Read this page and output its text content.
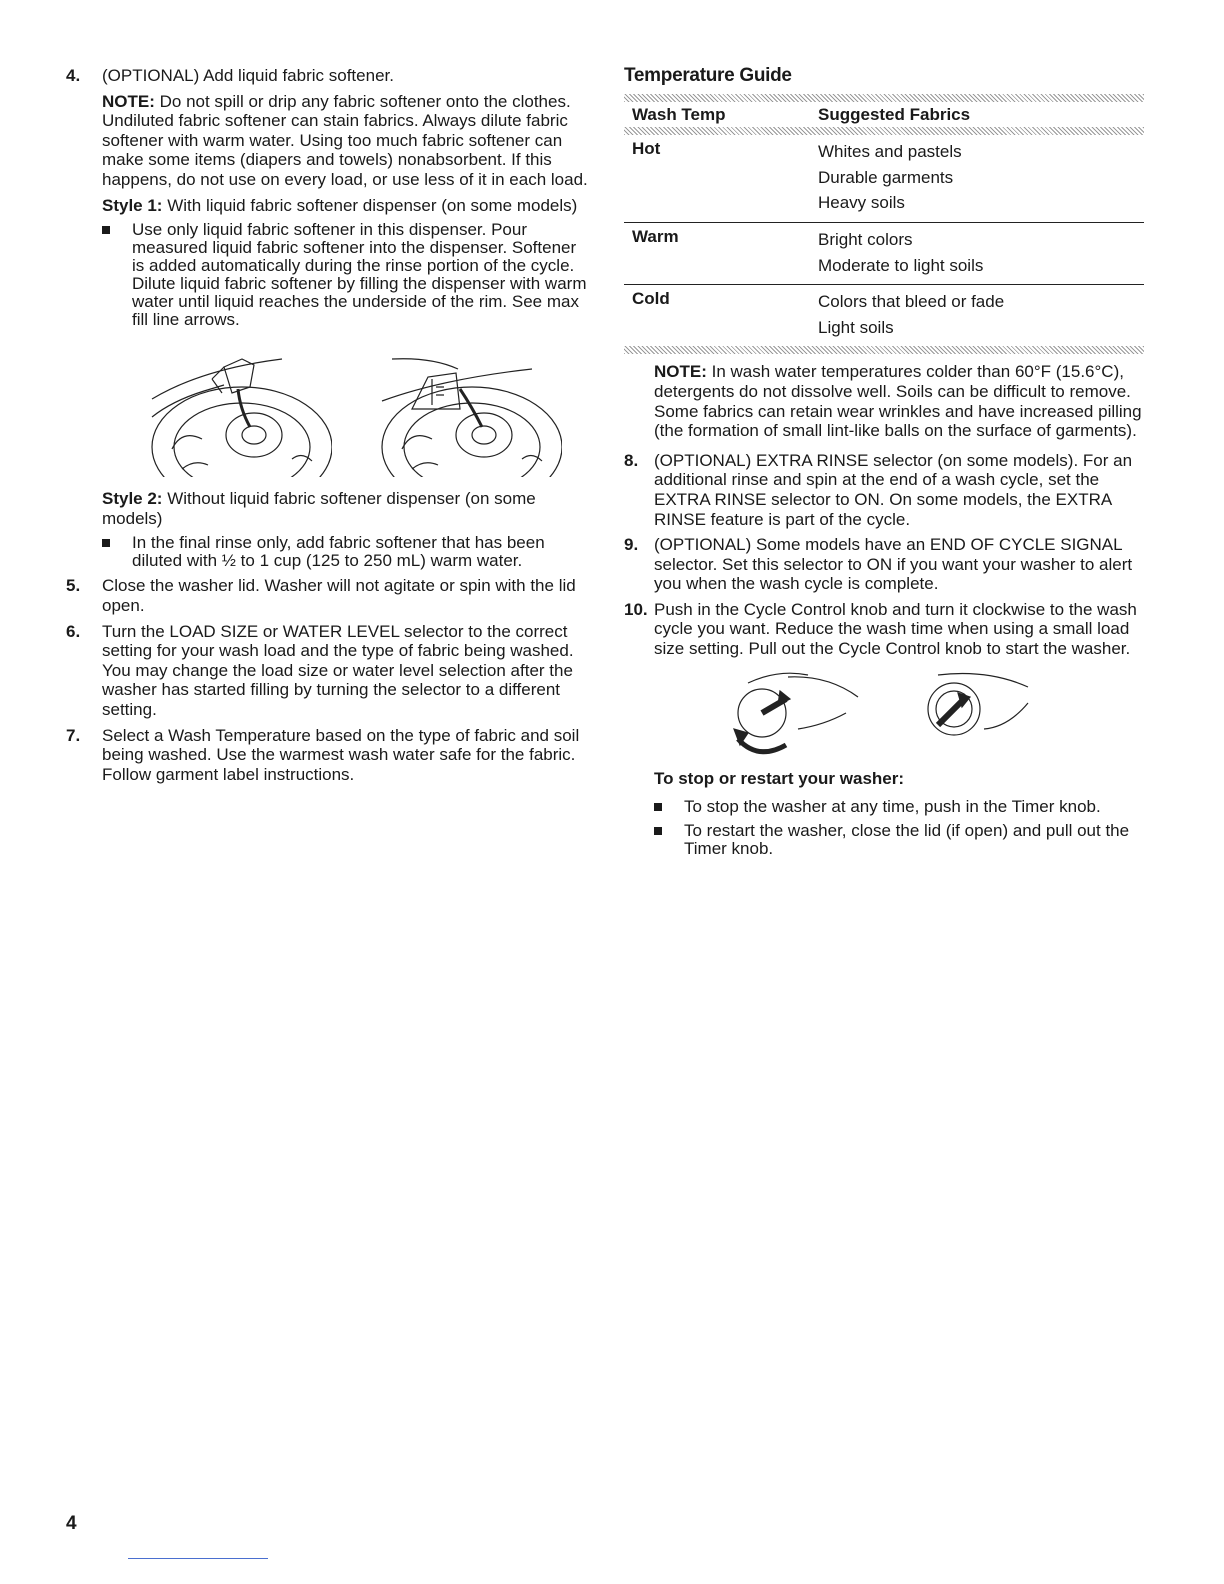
4. (OPTIONAL) Add liquid fabric softener.

NOTE: Do not spill or drip any fabric softener onto the clothes. Undiluted fabric softener can stain fabrics. Always dilute fabric softener with warm water. Using too much fabric softener can make some items (diapers and towels) nonabsorbent. If this happens, do not use on every load, or use less of it in each load.

Style 1: With liquid fabric softener dispenser (on some models)

Use only liquid fabric softener in this dispenser. Pour measured liquid fabric softener into the dispenser. Softener is added automatically during the rinse portion of the cycle. Dilute liquid fabric softener by filling the dispenser with warm water until liquid reaches the underside of the rim. See max fill line arrows.

Style 2: Without liquid fabric softener dispenser (on some models)

In the final rinse only, add fabric softener that has been diluted with ½ to 1 cup (125 to 250 mL) warm water.
5. Close the washer lid. Washer will not agitate or spin with the lid open.

6. Turn the LOAD SIZE or WATER LEVEL selector to the correct setting for your wash load and the type of fabric being washed. You may change the load size or water level selection after the washer has started filling by turning the selector to a different setting.

7. Select a Wash Temperature based on the type of fabric and soil being washed. Use the warmest wash water safe for the fabric. Follow garment label instructions.

Temperature Guide
Wash Temp	Suggested Fabrics

Hot	Whites and pastels
Durable garments
Heavy soils

Warm	Bright colors
Moderate to light soils

Cold	Colors that bleed or fade
Light soils

NOTE: In wash water temperatures colder than 60°F (15.6°C), detergents do not dissolve well. Soils can be difficult to remove. Some fabrics can retain wear wrinkles and have increased pilling (the formation of small lint-like balls on the surface of garments).

8. (OPTIONAL) EXTRA RINSE selector (on some models). For an additional rinse and spin at the end of a wash cycle, set the EXTRA RINSE selector to ON. On some models, the EXTRA RINSE feature is part of the cycle.

9. (OPTIONAL) Some models have an END OF CYCLE SIGNAL selector. Set this selector to ON if you want your washer to alert you when the wash cycle is complete.

10. Push in the Cycle Control knob and turn it clockwise to the wash cycle you want. Reduce the wash time when using a small load size setting. Pull out the Cycle Control knob to start the washer.

To stop or restart your washer:
To stop the washer at any time, push in the Timer knob.
To restart the washer, close the lid (if open) and pull out the Timer knob.
4
